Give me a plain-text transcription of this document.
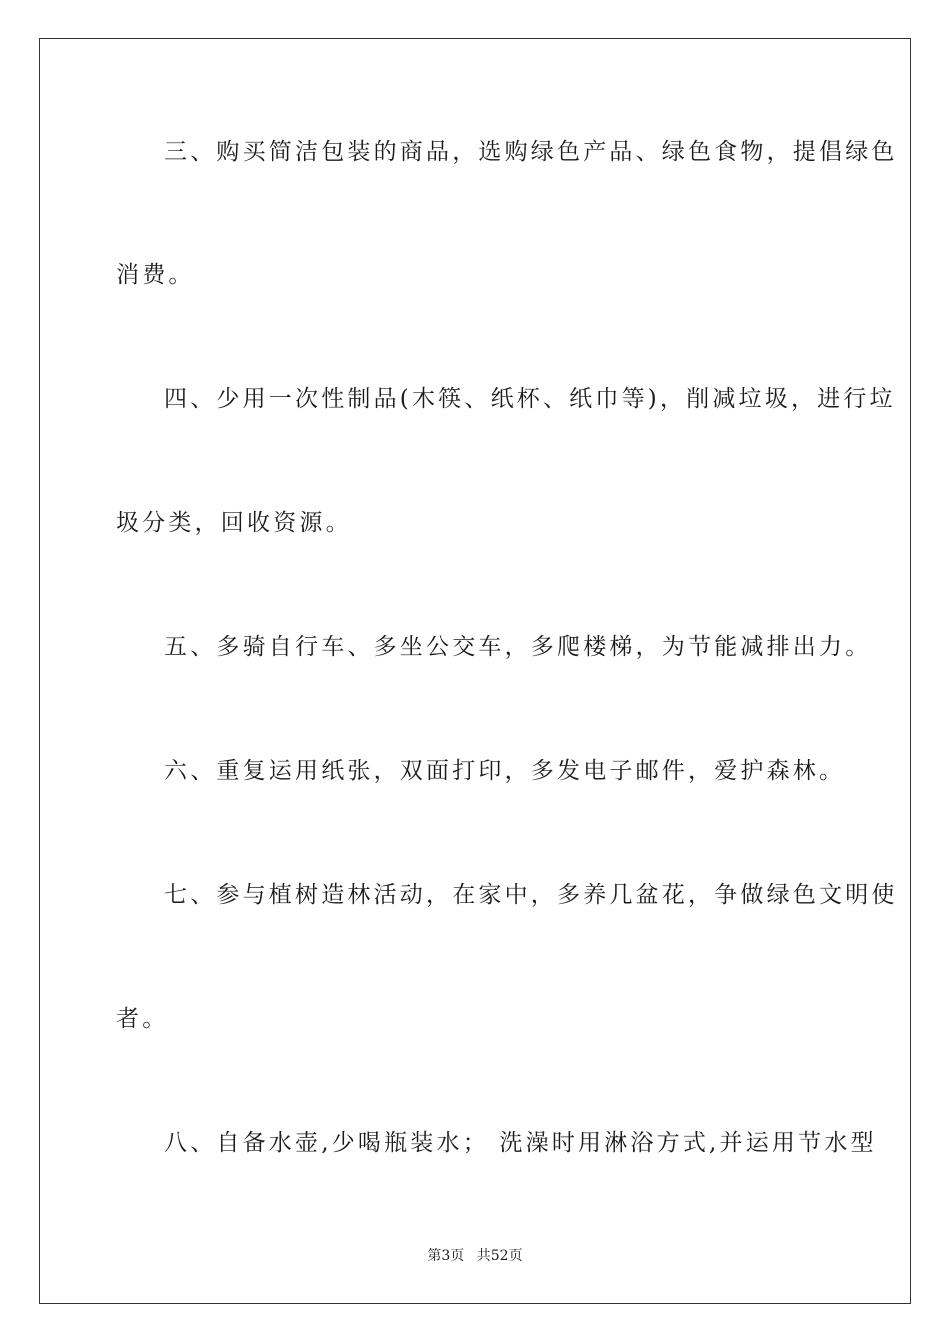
三、购买简洁包装的商品，选购绿色产品、绿色食物，提倡绿色

消费。

四、少用一次性制品(木筷、纸杯、纸巾等)，削减垃圾，进行垃

圾分类，回收资源。

五、多骑自行车、多坐公交车，多爬楼梯，为节能减排出力。

六、重复运用纸张，双面打印，多发电子邮件，爱护森林。

七、参与植树造林活动，在家中，多养几盆花，争做绿色文明使

者。

八、自备水壶,少喝瓶装水； 洗澡时用淋浴方式,并运用节水型

第3页 共52页
